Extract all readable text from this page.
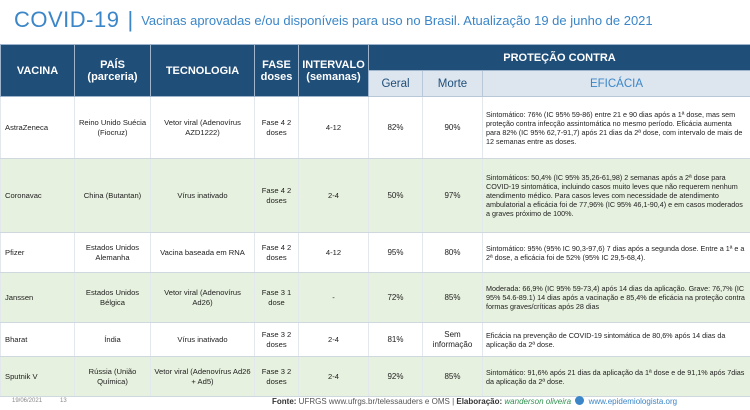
COVID-19 | Vacinas aprovadas e/ou disponíveis para uso no Brasil. Atualização 19 de junho de 2021
VACINA	PAÍS (parceria)	TECNOLOGIA	FASE doses	INTERVALO (semanas)	PROTEÇÃO CONTRA		
					Geral	Morte	EFICÁCIA
AstraZeneca	Reino Unido Suécia (Fiocruz)	Vetor viral (Adenovírus AZD1222)	Fase 4 2 doses	4-12	82%	90%	Sintomático: 76% (IC 95% 59-86) entre 21 e 90 dias após a 1ª dose, mas sem proteção contra infecção assintomática no mesmo período. Eficácia aumenta para 82% (IC 95% 62,7-91,7) após 21 dias da 2ª dose, com intervalo de mais de 12 semanas entre as doses.
Coronavac	China (Butantan)	Vírus inativado	Fase 4 2 doses	2-4	50%	97%	Sintomáticos: 50,4% (IC 95% 35,26-61,98) 2 semanas após a 2ª dose para COVID-19 sintomática, incluindo casos muito leves que não requerem nenhum atendimento médico. Para casos leves com necessidade de atendimento ambulatorial a eficácia foi de 77,96% (IC 95% 46,1-90,4) e em casos moderados a graves próximo de 100%.
Pfizer	Estados Unidos Alemanha	Vacina baseada em RNA	Fase 4 2 doses	4-12	95%	80%	Sintomático: 95% (95% IC 90,3-97,6) 7 dias após a segunda dose. Entre a 1ª e a 2ª dose, a eficácia foi de 52% (95% IC 29,5-68,4).
Janssen	Estados Unidos Bélgica	Vetor viral (Adenovírus Ad26)	Fase 3 1 dose	-	72%	85%	Moderada: 66,9% (IC 95% 59-73,4) após 14 dias da aplicação. Grave: 76,7% (IC 95% 54.6-89.1) 14 dias após a vacinação e 85,4% de eficácia na proteção contra formas graves/críticas após 28 dias
Bharat	Índia	Vírus inativado	Fase 3 2 doses	2-4	81%	Sem informação	Eficácia na prevenção de COVID-19 sintomática de 80,6% após 14 dias da aplicação da 2ª dose.
Sputnik V	Rússia (União Química)	Vetor viral (Adenovírus Ad26 + Ad5)	Fase 3 2 doses	2-4	92%	85%	Sintomático: 91,6% após 21 dias da aplicação da 1ª dose e de 91,1% após 7dias da aplicação da 2ª dose.
19/06/2021	13	Fonte: UFRGS www.ufrgs.br/telessauders e OMS | Elaboração: wanderson oliveira www.epidemiologista.org
